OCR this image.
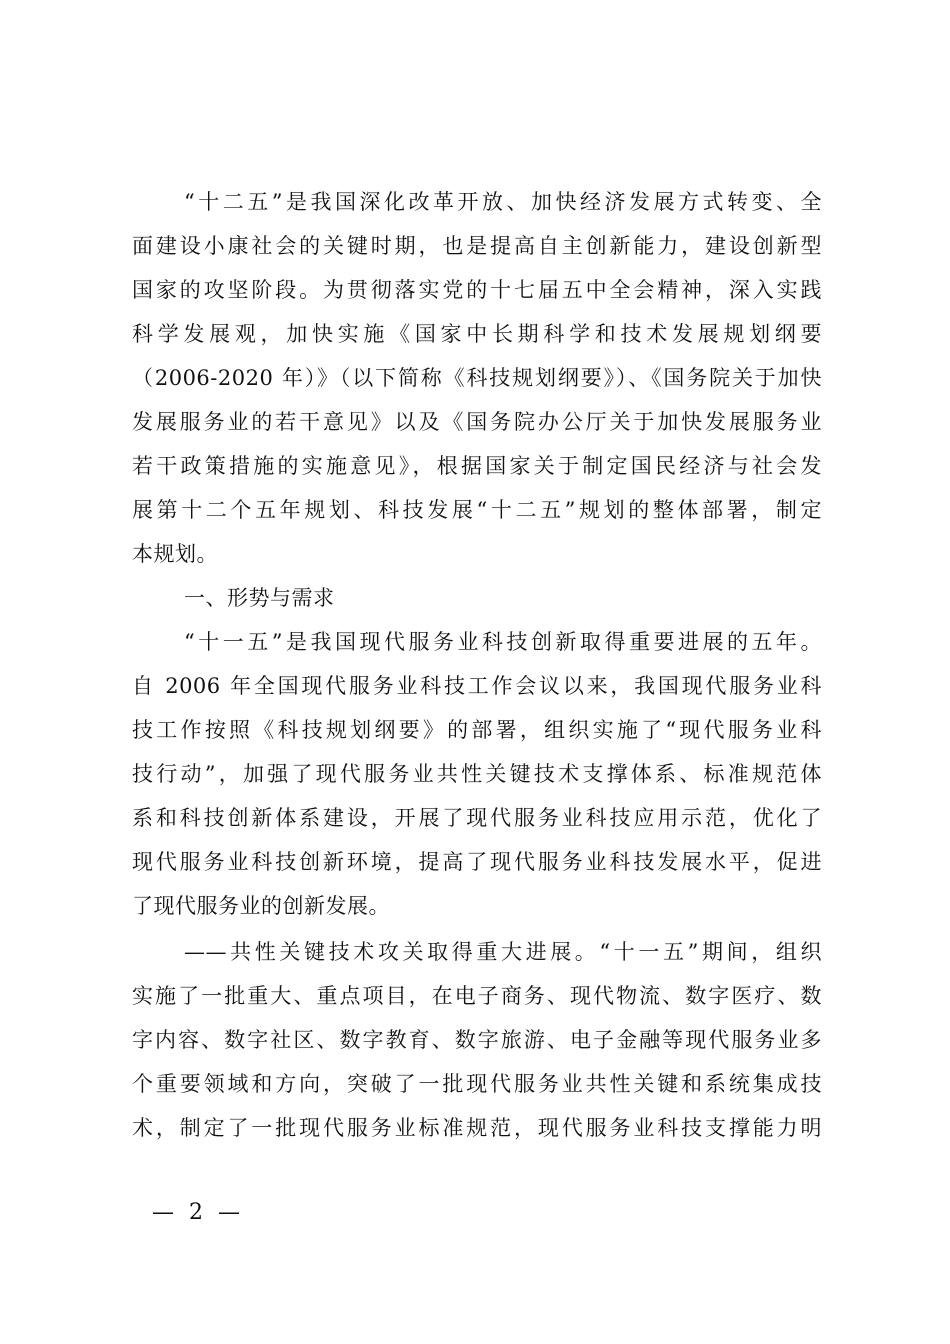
“十二五”是我国深化改革开放、加快经济发展方式转变、全
面建设小康社会的关键时期，也是提高自主创新能力，建设创新型
国家的攻坚阶段。为贯彻落实党的十七届五中全会精神，深入实践
科学发展观，加快实施《国家中长期科学和技术发展规划纲要
（2006-2020 年）》（以下简称《科技规划纲要》）、《国务院关于加快
发展服务业的若干意见》以及《国务院办公厅关于加快发展服务业
若干政策措施的实施意见》，根据国家关于制定国民经济与社会发
展第十二个五年规划、科技发展“十二五”规划的整体部署，制定
本规划。
一、形势与需求
“十一五”是我国现代服务业科技创新取得重要进展的五年。
自 2006 年全国现代服务业科技工作会议以来，我国现代服务业科
技工作按照《科技规划纲要》的部署，组织实施了“现代服务业科
技行动”，加强了现代服务业共性关键技术支撑体系、标准规范体
系和科技创新体系建设，开展了现代服务业科技应用示范，优化了
现代服务业科技创新环境，提高了现代服务业科技发展水平，促进
了现代服务业的创新发展。
——共性关键技术攻关取得重大进展。“十一五”期间，组织
实施了一批重大、重点项目，在电子商务、现代物流、数字医疗、数
字内容、数字社区、数字教育、数字旅游、电子金融等现代服务业多
个重要领域和方向，突破了一批现代服务业共性关键和系统集成技
术，制定了一批现代服务业标准规范，现代服务业科技支撑能力明
— 2 —
